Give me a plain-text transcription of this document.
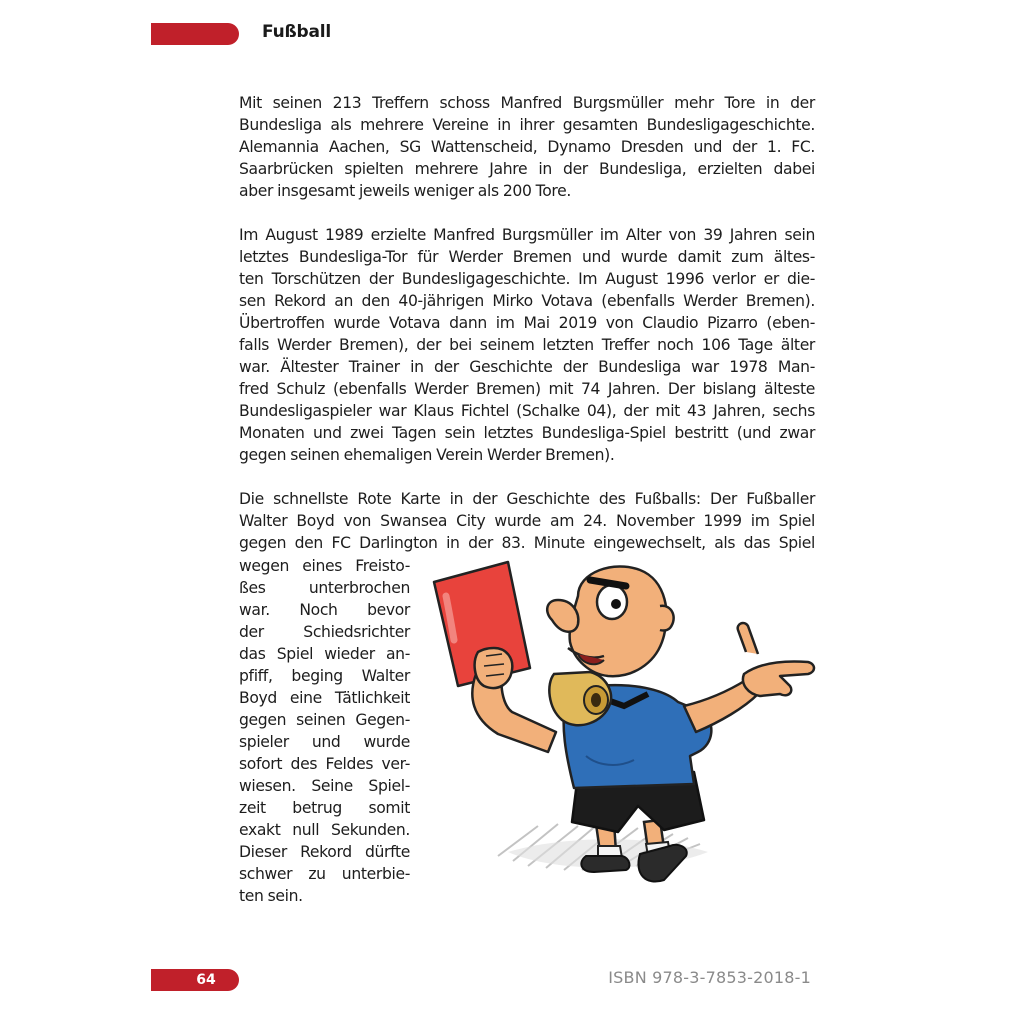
Fußball
Mit seinen 213 Treffern schoss Manfred Burgsmüller mehr Tore in der
Bundesliga als mehrere Vereine in ihrer gesamten Bundesligageschichte.
Alemannia Aachen, SG Wattenscheid, Dynamo Dresden und der 1. FC.
Saarbrücken spielten mehrere Jahre in der Bundesliga, erzielten dabei
aber insgesamt jeweils weniger als 200 Tore.
Im August 1989 erzielte Manfred Burgsmüller im Alter von 39 Jahren sein
letztes Bundesliga-Tor für Werder Bremen und wurde damit zum ältes-
ten Torschützen der Bundesligageschichte. Im August 1996 verlor er die-
sen Rekord an den 40-jährigen Mirko Votava (ebenfalls Werder Bremen).
Übertroffen wurde Votava dann im Mai 2019 von Claudio Pizarro (eben-
falls Werder Bremen), der bei seinem letzten Treffer noch 106 Tage älter
war. Ältester Trainer in der Geschichte der Bundesliga war 1978 Man-
fred Schulz (ebenfalls Werder Bremen) mit 74 Jahren. Der bislang älteste
Bundesligaspieler war Klaus Fichtel (Schalke 04), der mit 43 Jahren, sechs
Monaten und zwei Tagen sein letztes Bundesliga-Spiel bestritt (und zwar
gegen seinen ehemaligen Verein Werder Bremen).
Die schnellste Rote Karte in der Geschichte des Fußballs: Der Fußballer
Walter Boyd von Swansea City wurde am 24. November 1999 im Spiel
gegen den FC Darlington in der 83. Minute eingewechselt, als das Spiel
wegen eines Freisto-
ßes unterbrochen
war. Noch bevor
der Schiedsrichter
das Spiel wieder an-
pfiff, beging Walter
Boyd eine Tätlichkeit
gegen seinen Gegen-
spieler und wurde
sofort des Feldes ver-
wiesen. Seine Spiel-
zeit betrug somit
exakt null Sekunden.
Dieser Rekord dürfte
schwer zu unterbie-
ten sein.
64	ISBN 978-3-7853-2018-1
